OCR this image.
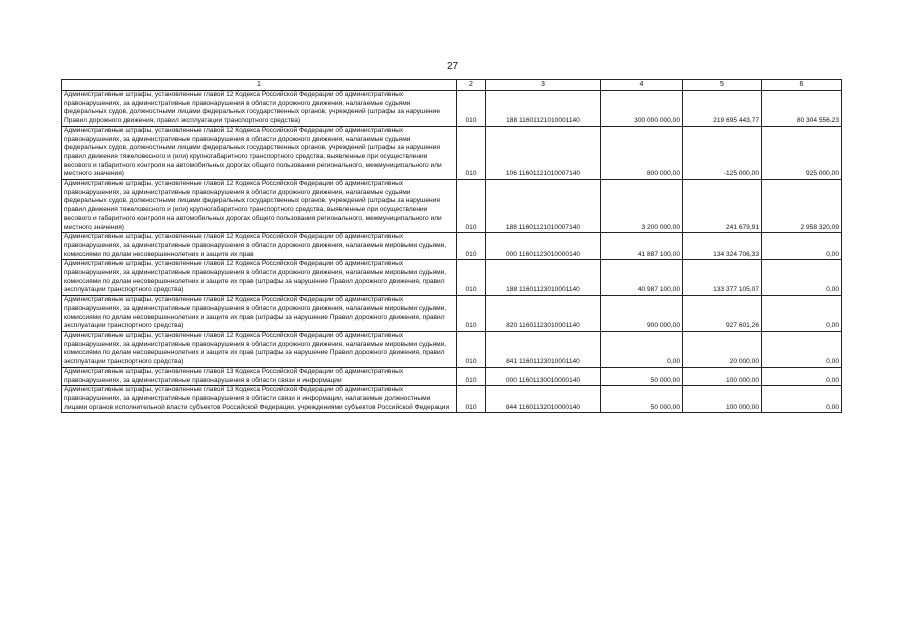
27
1	2	3	4	5	6
Административные штрафы, установленные главой 12 Кодекса Российской Федерации об административных правонарушениях, за административные правонарушения в области дорожного движения, налагаемые судьями федеральных судов, должностными лицами федеральных государственных органов, учреждений (штрафы за нарушение Правил дорожного движения, правил эксплуатации транспортного средства)	010	188 11601121010001140	300 000 000,00	219 695 443,77	80 304 556,23
Административные штрафы, установленные главой 12 Кодекса Российской Федерации об административных правонарушениях, за административные правонарушения в области дорожного движения, налагаемые судьями федеральных судов, должностными лицами федеральных государственных органов, учреждений (штрафы за нарушения правил движения тяжеловесного и (или) крупногабаритного транспортного средства, выявленные при осуществлении весового и габаритного контроля на автомобильных дорогах общего пользования регионального, межмуниципального или местного значения)	010	106 11601121010007140	800 000,00	-125 000,00	925 000,00
Административные штрафы, установленные главой 12 Кодекса Российской Федерации об административных правонарушениях, за административные правонарушения в области дорожного движения, налагаемые судьями федеральных судов, должностными лицами федеральных государственных органов, учреждений (штрафы за нарушения правил движения тяжеловесного и (или) крупногабаритного транспортного средства, выявленные при осуществлении весового и габаритного контроля на автомобильных дорогах общего пользования регионального, межмуниципального или местного значения)	010	188 11601121010007140	3 200 000,00	241 679,91	2 958 320,09
Административные штрафы, установленные главой 12 Кодекса Российской Федерации об административных правонарушениях, за административные правонарушения в области дорожного движения, налагаемые мировыми судьями, комиссиями по делам несовершеннолетних и защите их прав	010	000 11601123010000140	41 887 100,00	134 324 706,33	0,00
Административные штрафы, установленные главой 12 Кодекса Российской Федерации об административных правонарушениях, за административные правонарушения в области дорожного движения, налагаемые мировыми судьями, комиссиями по делам несовершеннолетних и защите их прав (штрафы за нарушение Правил дорожного движения, правил эксплуатации транспортного средства)	010	188 11601123010001140	40 987 100,00	133 377 105,07	0,00
Административные штрафы, установленные главой 12 Кодекса Российской Федерации об административных правонарушениях, за административные правонарушения в области дорожного движения, налагаемые мировыми судьями, комиссиями по делам несовершеннолетних и защите их прав (штрафы за нарушение Правил дорожного движения, правил эксплуатации транспортного средства)	010	820 11601123010001140	900 000,00	927 601,26	0,00
Административные штрафы, установленные главой 12 Кодекса Российской Федерации об административных правонарушениях, за административные правонарушения в области дорожного движения, налагаемые мировыми судьями, комиссиями по делам несовершеннолетних и защите их прав (штрафы за нарушение Правил дорожного движения, правил эксплуатации транспортного средства)	010	841 11601123010001140	0,00	20 000,00	0,00
Административные штрафы, установленные главой 13 Кодекса Российской Федерации об административных правонарушениях, за административные правонарушения в области связи и информации	010	000 11601130010000140	50 000,00	100 000,00	0,00
Административные штрафы, установленные главой 13 Кодекса Российской Федерации об административных правонарушениях, за административные правонарушения в области связи и информации, налагаемые должностными лицами органов исполнительной власти субъектов Российской Федерации, учреждениями субъектов Российской Федерации	010	844 11601132010000140	50 000,00	100 000,00	0,00
